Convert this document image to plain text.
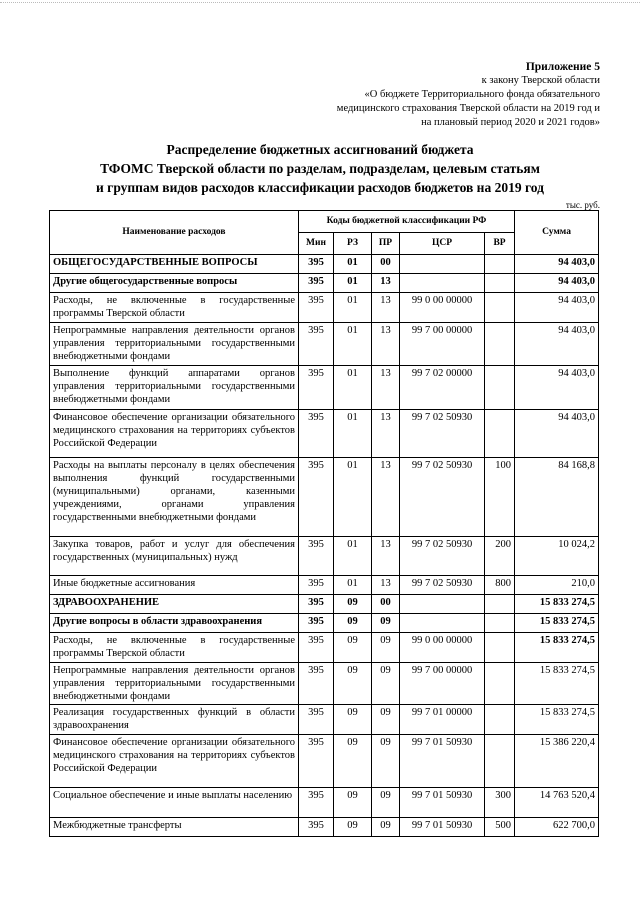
Приложение 5
к закону Тверской области
«О бюджете Территориального фонда обязательного
медицинского страхования Тверской области на 2019 год и
на плановый период 2020 и 2021 годов»
Распределение бюджетных ассигнований бюджета
ТФОМС Тверской области по разделам, подразделам, целевым статьям
и группам видов расходов классификации расходов бюджетов на 2019 год
тыс. руб.
Наименование расходов	Коды бюджетной классификации РФ					Сумма
	Мин	РЗ	ПР	ЦСР	ВР	
ОБЩЕГОСУДАРСТВЕННЫЕ ВОПРОСЫ	395	01	00			94 403,0
Другие общегосударственные вопросы	395	01	13			94 403,0
Расходы, не включенные в государственные программы Тверской области	395	01	13	99 0 00 00000		94 403,0
Непрограммные направления деятельности органов управления территориальными государственными внебюджетными фондами	395	01	13	99 7 00 00000		94 403,0
Выполнение функций аппаратами органов управления территориальными государственными внебюджетными фондами	395	01	13	99 7 02 00000		94 403,0
Финансовое обеспечение организации обязательного медицинского страхования на территориях субъектов Российской Федерации	395	01	13	99 7 02 50930		94 403,0
Расходы на выплаты персоналу в целях обеспечения выполнения функций государственными (муниципальными) органами, казенными учреждениями, органами управления государственными внебюджетными фондами	395	01	13	99 7 02 50930	100	84 168,8
Закупка товаров, работ и услуг для обеспечения государственных (муниципальных) нужд	395	01	13	99 7 02 50930	200	10 024,2
Иные бюджетные ассигнования	395	01	13	99 7 02 50930	800	210,0
ЗДРАВООХРАНЕНИЕ	395	09	00			15 833 274,5
Другие вопросы в области здравоохранения	395	09	09			15 833 274,5
Расходы, не включенные в государственные программы Тверской области	395	09	09	99 0 00 00000		15 833 274,5
Непрограммные направления деятельности органов управления территориальными государственными внебюджетными фондами	395	09	09	99 7 00 00000		15 833 274,5
Реализация государственных функций в области здравоохранения	395	09	09	99 7 01 00000		15 833 274,5
Финансовое обеспечение организации обязательного медицинского страхования на территориях субъектов Российской Федерации	395	09	09	99 7 01 50930		15 386 220,4
Социальное обеспечение и иные выплаты населению	395	09	09	99 7 01 50930	300	14 763 520,4
Межбюджетные трансферты	395	09	09	99 7 01 50930	500	622 700,0
